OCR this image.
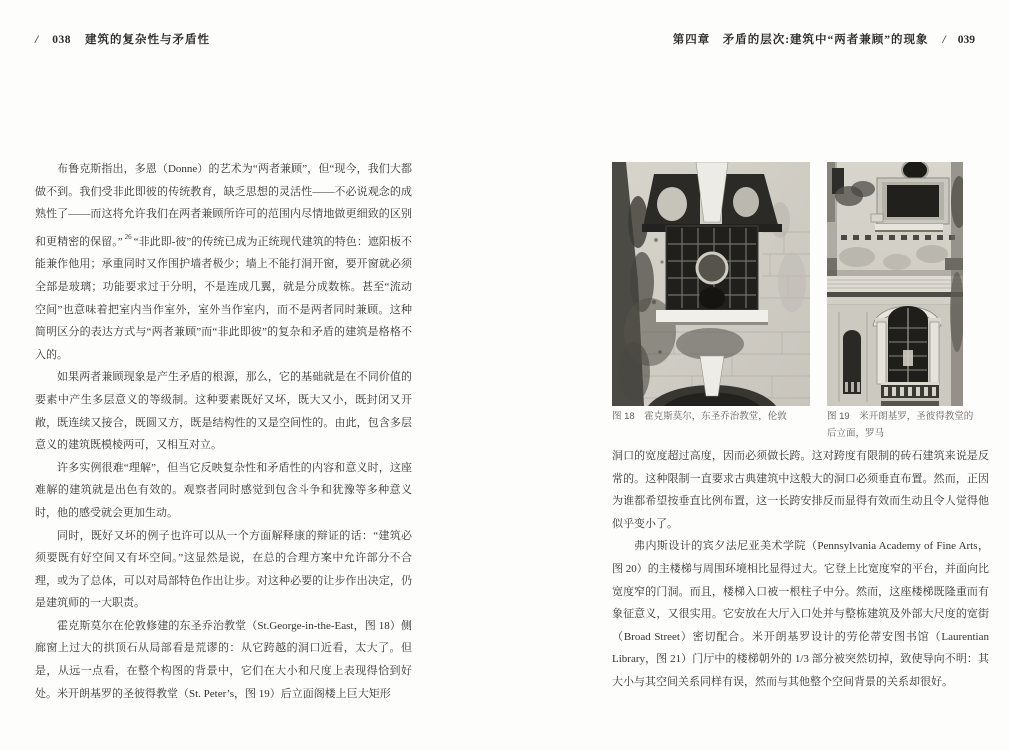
/ 038 建筑的复杂性与矛盾性	第四章　矛盾的层次:建筑中“两者兼顾”的现象 / 039

布鲁克斯指出，多恩（Donne）的艺术为“两者兼顾”，但“现今，我们大都做不到。我们受非此即彼的传统教育，缺乏思想的灵活性——不必说观念的成熟性了——而这将允许我们在两者兼顾所许可的范围内尽情地做更细致的区别和更精密的保留。” $^{26}$ “非此即-彼”的传统已成为正统现代建筑的特色：遮阳板不能兼作他用；承重同时又作围护墙者极少；墙上不能打洞开窗，要开窗就必须全部是玻璃；功能要求过于分明，不是连成几翼，就是分成数栋。甚至“流动空间”也意味着把室内当作室外，室外当作室内，而不是两者同时兼顾。这种简明区分的表达方式与“两者兼顾”而“非此即彼”的复杂和矛盾的建筑是格格不入的。

如果两者兼顾现象是产生矛盾的根源，那么，它的基础就是在不同价值的要素中产生多层意义的等级制。这种要素既好又坏，既大又小，既封闭又开敞，既连续又接合，既圆又方，既是结构性的又是空间性的。由此，包含多层意义的建筑既模棱两可，又相互对立。

许多实例很难“理解”，但当它反映复杂性和矛盾性的内容和意义时，这座难解的建筑就是出色有效的。观察者同时感觉到包含斗争和犹豫等多种意义时，他的感受就会更加生动。

同时，既好又坏的例子也许可以从一个方面解释康的辩证的话：“建筑必须要既有好空间又有坏空间。”这显然是说，在总的合理方案中允许部分不合理，或为了总体，可以对局部特色作出让步。对这种必要的让步作出决定，仍是建筑师的一大职责。

霍克斯莫尔在伦敦修建的东圣乔治教堂（St.George-in-the-East，图 18）侧廊窗上过大的拱顶石从局部看是荒谬的：从它跨越的洞口近看，太大了。但是，从远一点看，在整个构图的背景中，它们在大小和尺度上表现得恰到好处。米开朗基罗的圣彼得教堂（St. Peter’s，图 19）后立面阁楼上巨大矩形

图 18　霍克斯莫尔，东圣乔治教堂，伦敦	图 19　米开朗基罗，圣彼得教堂的后立面，罗马

洞口的宽度超过高度，因而必须做长跨。这对跨度有限制的砖石建筑来说是反常的。这种限制一直要求古典建筑中这般大的洞口必须垂直布置。然而，正因为谁都希望按垂直比例布置，这一长跨安排反而显得有效而生动且令人觉得他似乎变小了。

弗内斯设计的宾夕法尼亚美术学院（Pennsylvania Academy of Fine Arts，图 20）的主楼梯与周围环境相比显得过大。它登上比宽度窄的平台，并面向比宽度窄的门洞。而且，楼梯入口被一根柱子中分。然而，这座楼梯既隆重而有象征意义，又很实用。它安放在大厅入口处并与整栋建筑及外部大尺度的宽街（Broad Street）密切配合。米开朗基罗设计的劳伦蒂安图书馆（Laurentian Library，图 21）门厅中的楼梯朝外的 1/3 部分被突然切掉，致使导向不明：其大小与其空间关系同样有误，然而与其他整个空间背景的关系却很好。
